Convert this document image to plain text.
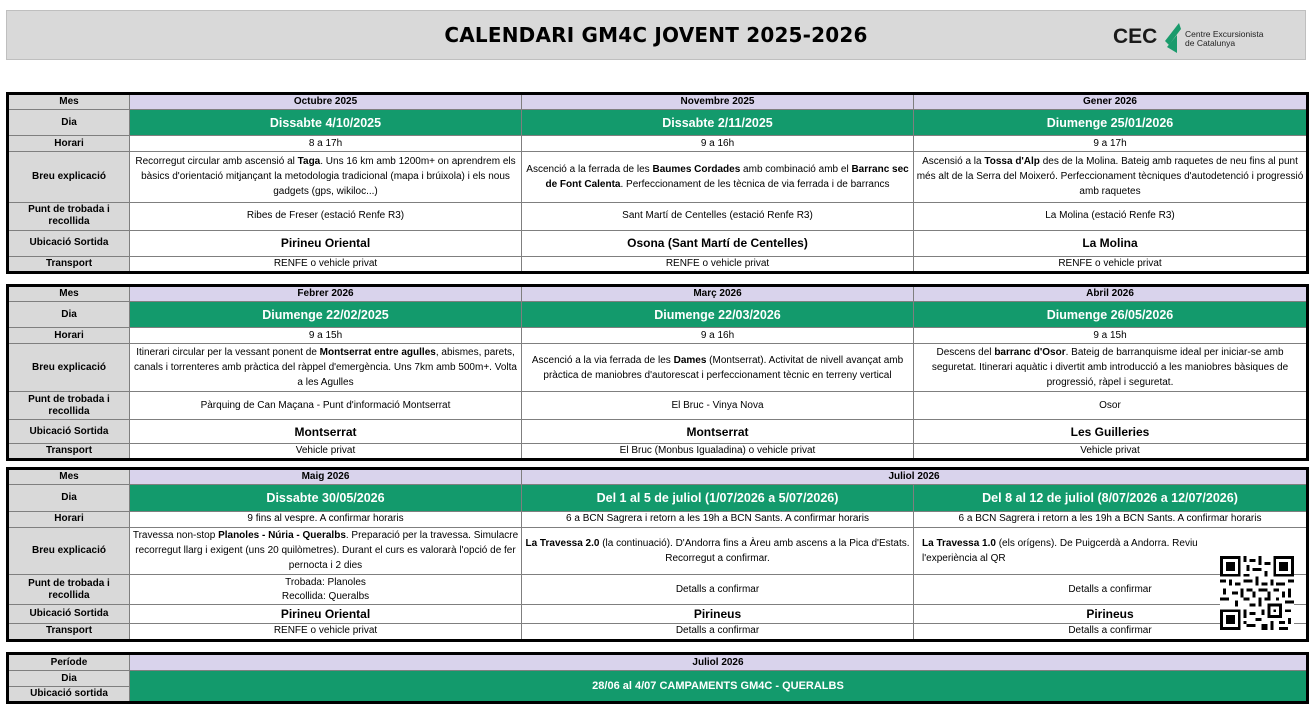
CALENDARI GM4C JOVENT 2025-2026	CEC	Centre Excursionista
de Catalunya
Mes	Octubre 2025	Novembre 2025	Gener 2026
Dia	Dissabte 4/10/2025	Dissabte 2/11/2025	Diumenge 25/01/2026
Horari	8 a 17h	9 a 16h	9 a 17h
Breu explicació	Recorregut circular amb ascensió al Taga. Uns 16 km amb 1200m+ on aprendrem els bàsics d'orientació mitjançant la metodologia tradicional (mapa i brúixola) i els nous gadgets (gps, wikiloc...)	Ascenció a la ferrada de les Baumes Cordades amb combinació amb el Barranc sec de Font Calenta. Perfeccionament de les tècnica de via ferrada i de barrancs	Ascensió a la Tossa d'Alp des de la Molina. Bateig amb raquetes de neu fins al punt més alt de la Serra del Moixeró. Perfeccionament tècniques d'autodetenció i progressió amb raquetes
Punt de trobada i recollida	Ribes de Freser (estació Renfe R3)	Sant Martí de Centelles (estació Renfe R3)	La Molina (estació Renfe R3)
Ubicació Sortida	Pirineu Oriental	Osona (Sant Martí de Centelles)	La Molina
Transport	RENFE o vehicle privat	RENFE o vehicle privat	RENFE o vehicle privat
Mes	Febrer 2026	Març 2026	Abril 2026
Dia	Diumenge 22/02/2025	Diumenge 22/03/2026	Diumenge 26/05/2026
Horari	9 a 15h	9 a 16h	9 a 15h
Breu explicació	Itinerari circular per la vessant ponent de Montserrat entre agulles, abismes, parets, canals i torrenteres amb pràctica del ràppel d'emergència. Uns 7km amb 500m+. Volta a les Agulles	Ascenció a la via ferrada de les Dames (Montserrat). Activitat de nivell avançat amb pràctica de maniobres d'autorescat i perfeccionament tècnic en terreny vertical	Descens del barranc d'Osor. Bateig de barranquisme ideal per iniciar-se amb seguretat. Itinerari aquàtic i divertit amb introducció a les maniobres bàsiques de progressió, ràpel i seguretat.
Punt de trobada i recollida	Pàrquing de Can Maçana - Punt d'informació Montserrat	El Bruc - Vinya Nova	Osor
Ubicació Sortida	Montserrat	Montserrat	Les Guilleries
Transport	Vehicle privat	El Bruc (Monbus Igualadina) o vehicle privat	Vehicle privat
Mes	Maig 2026	Juliol 2026	
Dia	Dissabte 30/05/2026	Del 1 al 5 de juliol (1/07/2026 a 5/07/2026)	Del 8 al 12 de juliol (8/07/2026 a 12/07/2026)
Horari	9 fins al vespre. A confirmar horaris	6 a BCN Sagrera i retorn a les 19h a BCN Sants. A confirmar horaris	6 a BCN Sagrera i retorn a les 19h a BCN Sants. A confirmar horaris
Breu explicació	Travessa non-stop Planoles - Núria - Queralbs. Preparació per la travessa. Simulacre recorregut llarg i exigent (uns 20 quilòmetres). Durant el curs es valorarà l'opció de fer pernocta i 2 dies	La Travessa 2.0 (la continuació). D'Andorra fins a Àreu amb ascens a la Pica d'Estats. Recorregut a confirmar.	La Travessa 1.0 (els orígens). De Puigcerdà a Andorra. Reviu l'experiència al QR
Punt de trobada i recollida	Trobada: Planoles
Recollida: Queralbs	Detalls a confirmar	Detalls a confirmar
Ubicació Sortida	Pirineu Oriental	Pirineus	Pirineus
Transport	RENFE o vehicle privat	Detalls a confirmar	Detalls a confirmar
Període	Juliol 2026
Dia	28/06 al 4/07 CAMPAMENTS GM4C - QUERALBS
Ubicació sortida	
